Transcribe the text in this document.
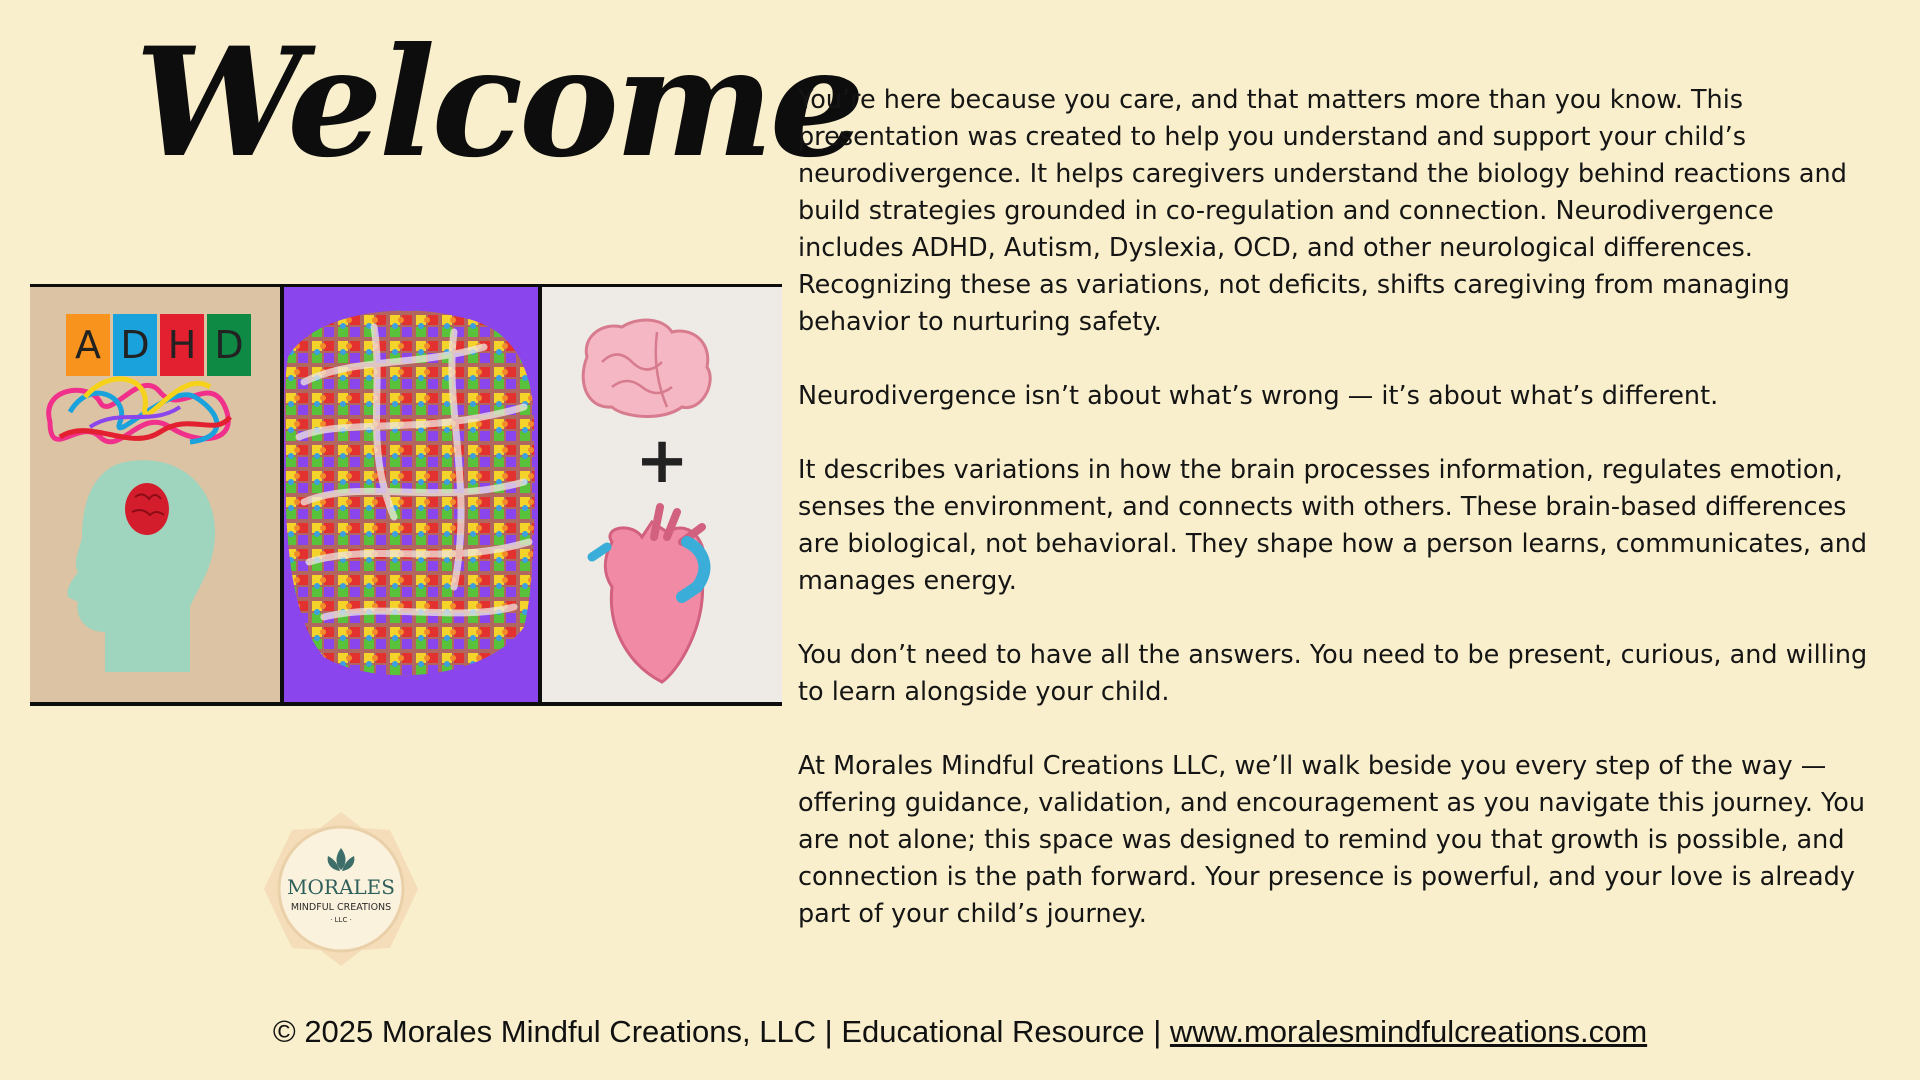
Welcome
A D H D
+

You’re here because you care, and that matters more than you know. This presentation was created to help you understand and support your child’s neurodivergence. It helps caregivers understand the biology behind reactions and build strategies grounded in co-regulation and connection. Neurodivergence includes ADHD, Autism, Dyslexia, OCD, and other neurological differences. Recognizing these as variations, not deficits, shifts caregiving from managing behavior to nurturing safety.

Neurodivergence isn’t about what’s wrong — it’s about what’s different.

It describes variations in how the brain processes information, regulates emotion, senses the environment, and connects with others. These brain-based differences are biological, not behavioral. They shape how a person learns, communicates, and manages energy.

You don’t need to have all the answers. You need to be present, curious, and willing to learn alongside your child.

At Morales Mindful Creations LLC, we’ll walk beside you every step of the way — offering guidance, validation, and encouragement as you navigate this journey. You are not alone; this space was designed to remind you that growth is possible, and connection is the path forward. Your presence is powerful, and your love is already part of your child’s journey.

MORALES
MINDFUL CREATIONS
· LLC ·
© 2025 Morales Mindful Creations, LLC | Educational Resource | www.moralesmindfulcreations.com
